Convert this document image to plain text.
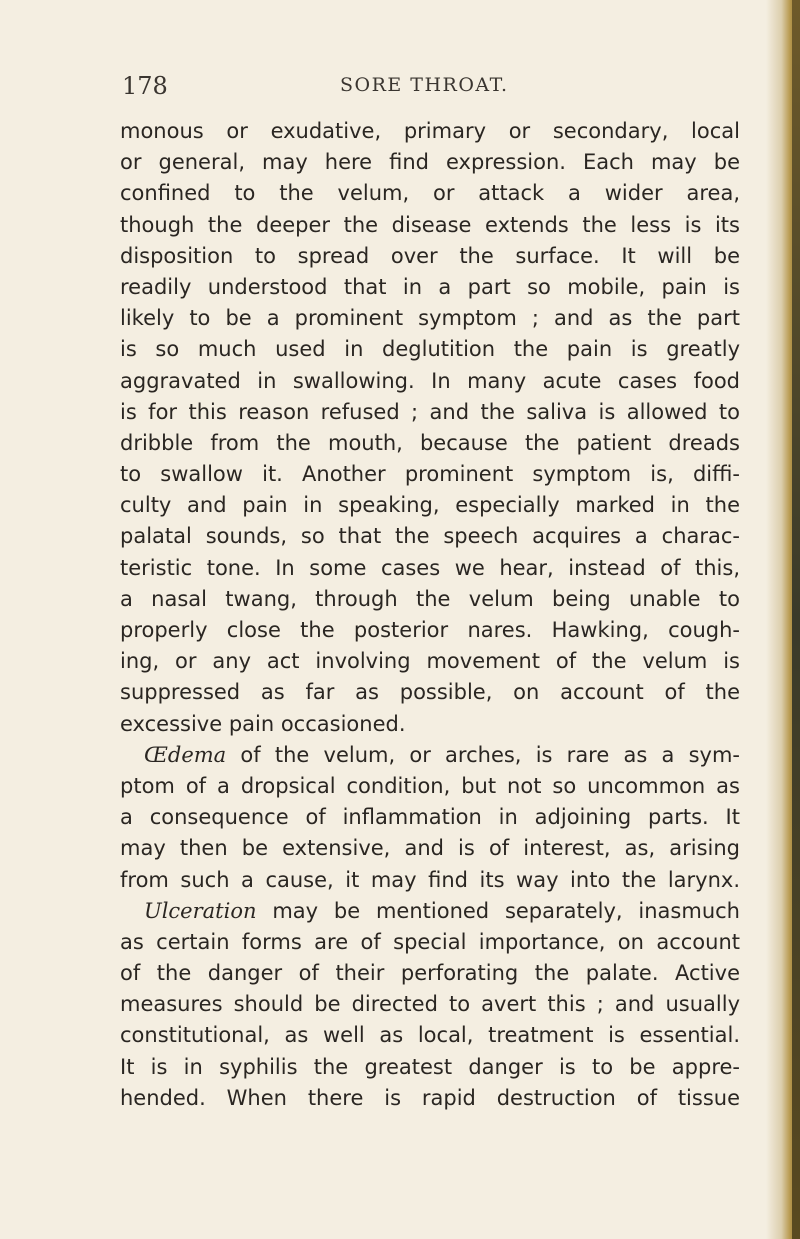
178	SORE THROAT.
monous or exudative, primary or secondary, local
or general, may here find expression. Each may be
confined to the velum, or attack a wider area,
though the deeper the disease extends the less is its
disposition to spread over the surface. It will be
readily understood that in a part so mobile, pain is
likely to be a prominent symptom ; and as the part
is so much used in deglutition the pain is greatly
aggravated in swallowing. In many acute cases food
is for this reason refused ; and the saliva is allowed to
dribble from the mouth, because the patient dreads
to swallow it. Another prominent symptom is, diffi-
culty and pain in speaking, especially marked in the
palatal sounds, so that the speech acquires a charac-
teristic tone. In some cases we hear, instead of this,
a nasal twang, through the velum being unable to
properly close the posterior nares. Hawking, cough-
ing, or any act involving movement of the velum is
suppressed as far as possible, on account of the
excessive pain occasioned.
Œdema of the velum, or arches, is rare as a sym-
ptom of a dropsical condition, but not so uncommon as
a consequence of inflammation in adjoining parts. It
may then be extensive, and is of interest, as, arising
from such a cause, it may find its way into the larynx.
Ulceration may be mentioned separately, inasmuch
as certain forms are of special importance, on account
of the danger of their perforating the palate. Active
measures should be directed to avert this ; and usually
constitutional, as well as local, treatment is essential.
It is in syphilis the greatest danger is to be appre-
hended. When there is rapid destruction of tissue
